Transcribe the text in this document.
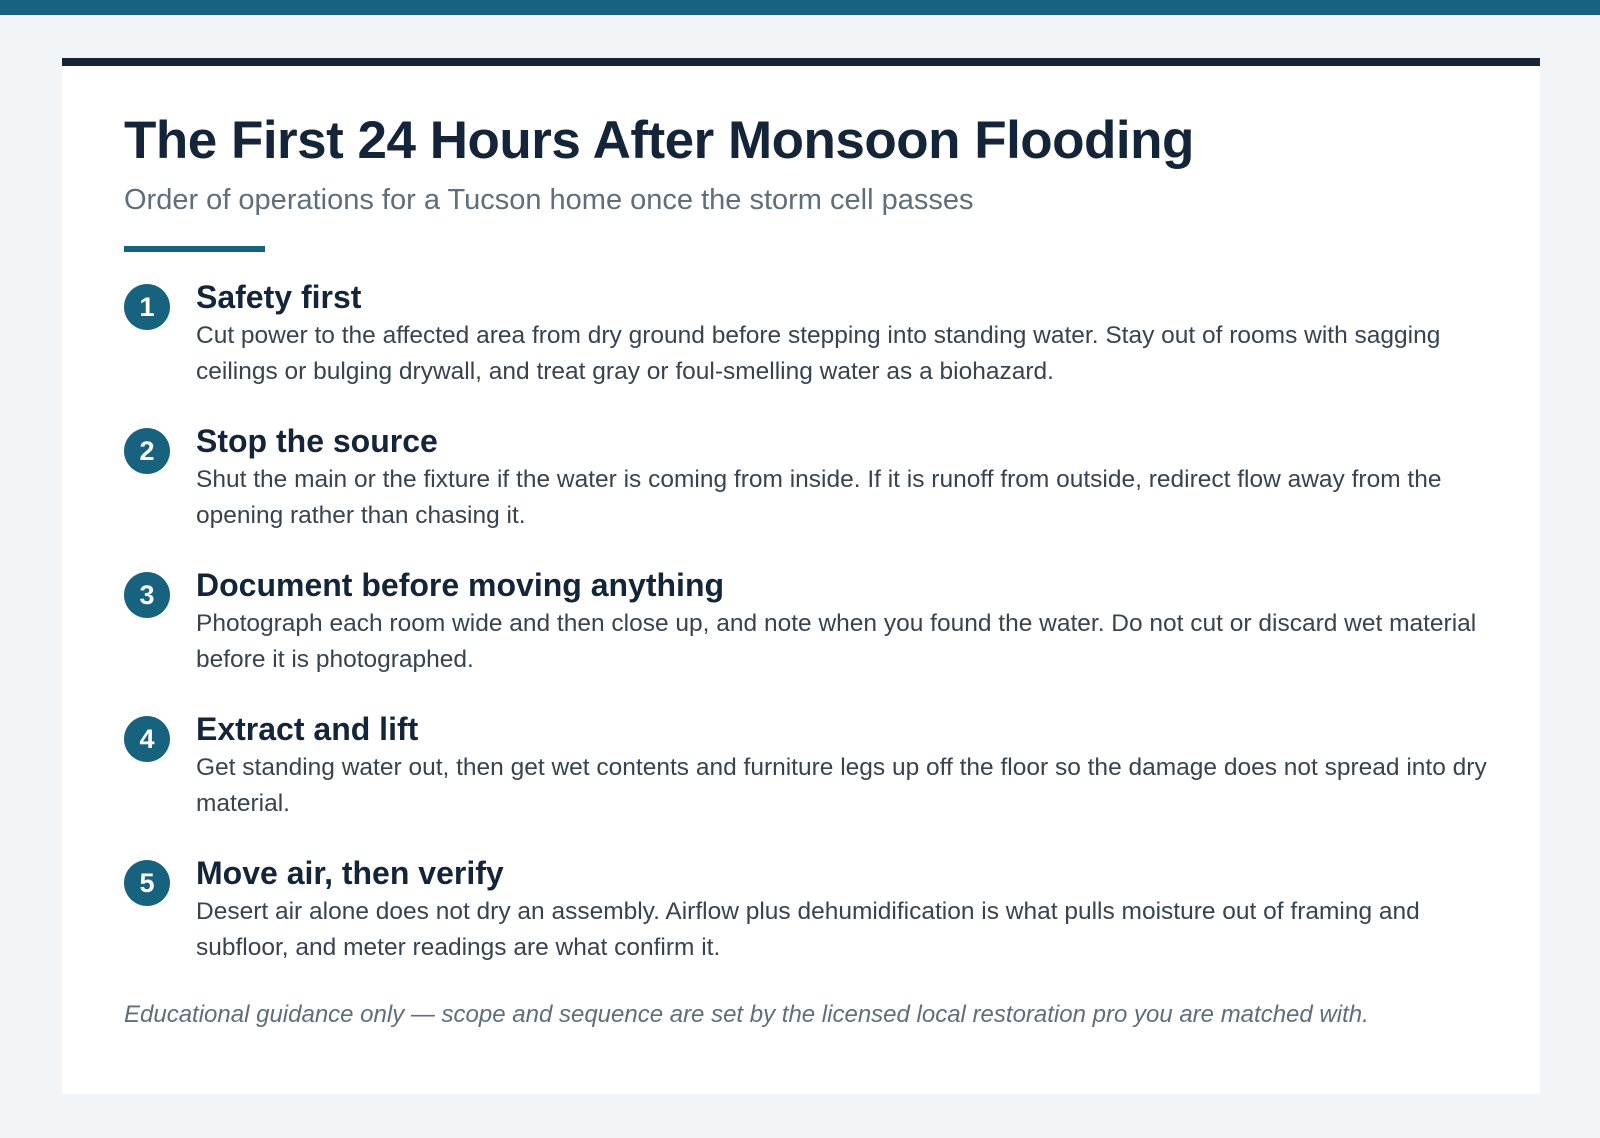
The First 24 Hours After Monsoon Flooding

Order of operations for a Tucson home once the storm cell passes

1	Safety first

Cut power to the affected area from dry ground before stepping into standing water. Stay out of rooms with sagging ceilings or bulging drywall, and treat gray or foul-smelling water as a biohazard.

2	Stop the source

Shut the main or the fixture if the water is coming from inside. If it is runoff from outside, redirect flow away from the opening rather than chasing it.

3	Document before moving anything

Photograph each room wide and then close up, and note when you found the water. Do not cut or discard wet material before it is photographed.

4	Extract and lift

Get standing water out, then get wet contents and furniture legs up off the floor so the damage does not spread into dry material.

5	Move air, then verify

Desert air alone does not dry an assembly. Airflow plus dehumidification is what pulls moisture out of framing and subfloor, and meter readings are what confirm it.

Educational guidance only — scope and sequence are set by the licensed local restoration pro you are matched with.
